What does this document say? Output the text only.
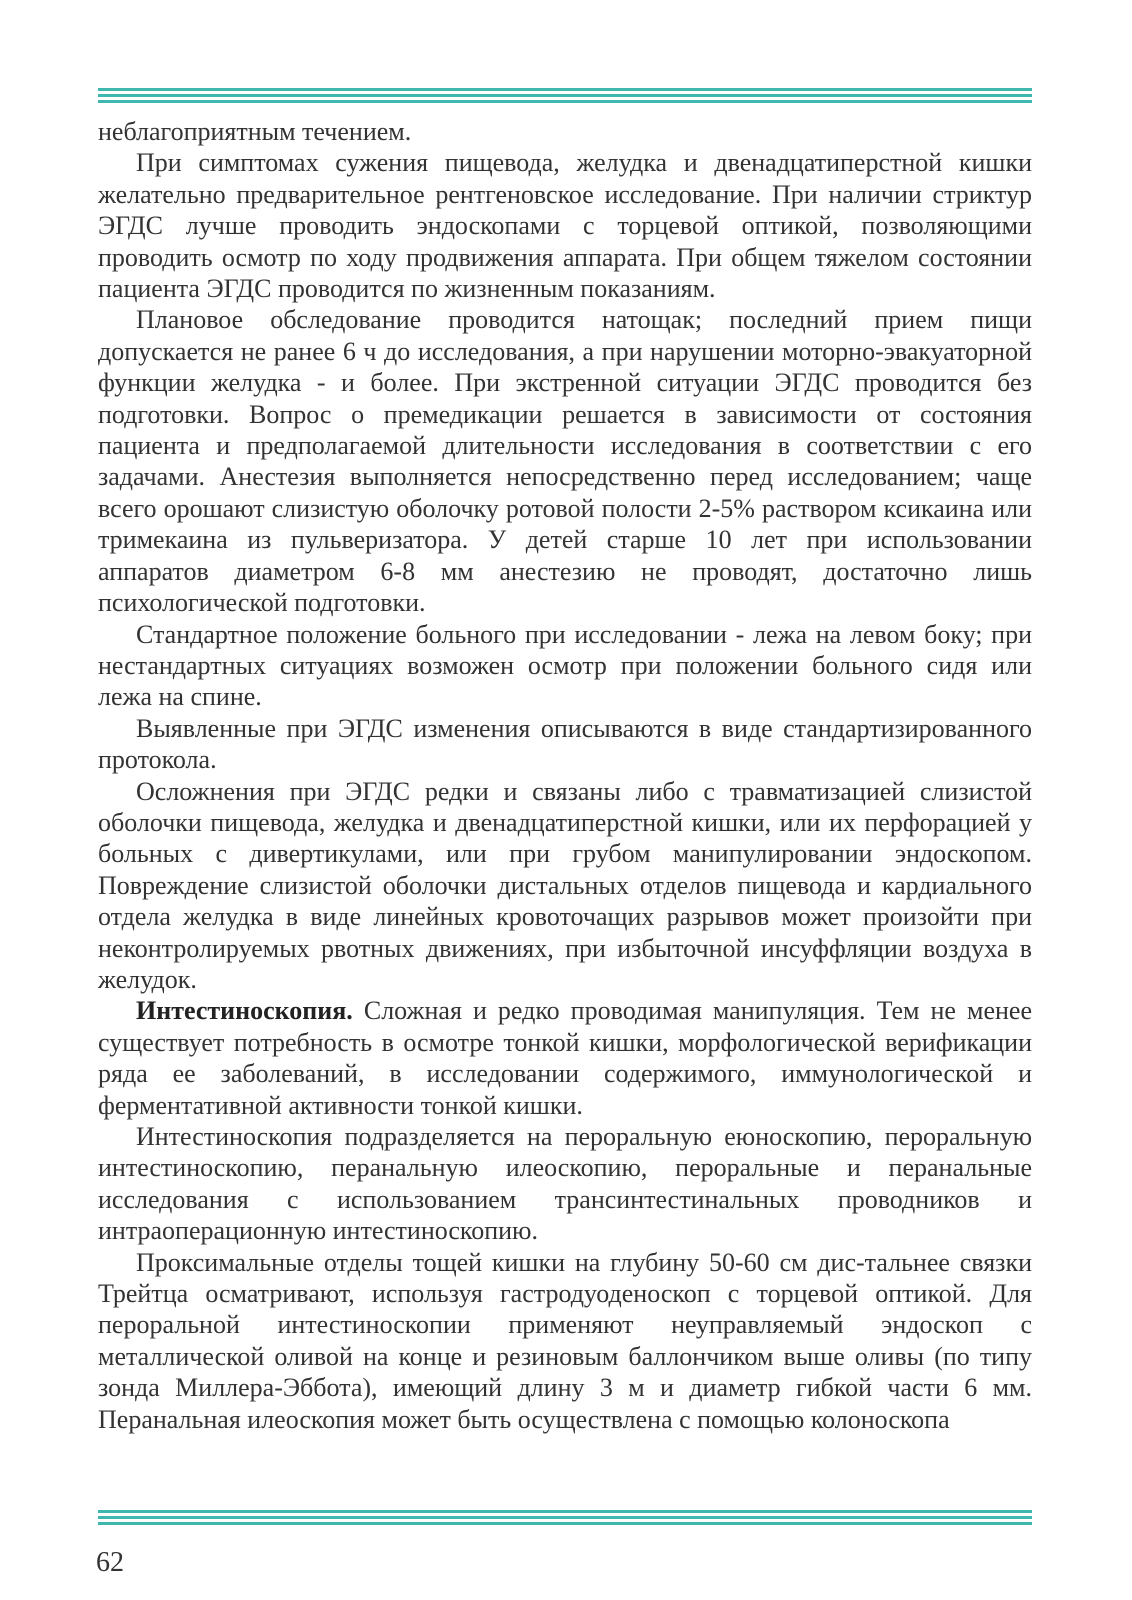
неблагоприятным течением.

При симптомах сужения пищевода, желудка и двенадцатиперстной кишки желательно предварительное рентгеновское исследование. При наличии стриктур ЭГДС лучше проводить эндоскопами с торцевой оптикой, позволяющими проводить осмотр по ходу продвижения аппарата. При общем тяжелом состоянии пациента ЭГДС проводится по жизненным показаниям.

Плановое обследование проводится натощак; последний прием пищи допускается не ранее 6 ч до исследования, а при нарушении моторно-эвакуаторной функции желудка - и более. При экстренной ситуации ЭГДС проводится без подготовки. Вопрос о премедикации решается в зависимости от состояния пациента и предполагаемой длительности исследования в соответствии с его задачами. Анестезия выполняется непосредственно перед исследованием; чаще всего орошают слизистую оболочку ротовой полости 2-5% раствором ксикаина или тримекаина из пульверизатора. У детей старше 10 лет при использовании аппаратов диаметром 6-8 мм анестезию не проводят, достаточно лишь психологической подготовки.

Стандартное положение больного при исследовании - лежа на левом боку; при нестандартных ситуациях возможен осмотр при положении больного сидя или лежа на спине.

Выявленные при ЭГДС изменения описываются в виде стандартизированного протокола.

Осложнения при ЭГДС редки и связаны либо с травматизацией слизистой оболочки пищевода, желудка и двенадцатиперстной кишки, или их перфорацией у больных с дивертикулами, или при грубом манипулировании эндоскопом. Повреждение слизистой оболочки дистальных отделов пищевода и кардиального отдела желудка в виде линейных кровоточащих разрывов может произойти при неконтролируемых рвотных движениях, при избыточной инсуффляции воздуха в желудок.

Интестиноскопия. Сложная и редко проводимая манипуляция. Тем не менее существует потребность в осмотре тонкой кишки, морфологической верификации ряда ее заболеваний, в исследовании содержимого, иммунологической и ферментативной активности тонкой кишки.

Интестиноскопия подразделяется на пероральную еюноскопию, пероральную интестиноскопию, перанальную илеоскопию, пероральные и перанальные исследования с использованием трансинтестинальных проводников и интраоперационную интестиноскопию.

Проксимальные отделы тощей кишки на глубину 50-60 см дис-тальнее связки Трейтца осматривают, используя гастродуоденоскоп с торцевой оптикой. Для пероральной интестиноскопии применяют неуправляемый эндоскоп с металлической оливой на конце и резиновым баллончиком выше оливы (по типу зонда Миллера-Эббота), имеющий длину 3 м и диаметр гибкой части 6 мм. Перанальная илеоскопия может быть осуществлена с помощью колоноскопа

62
